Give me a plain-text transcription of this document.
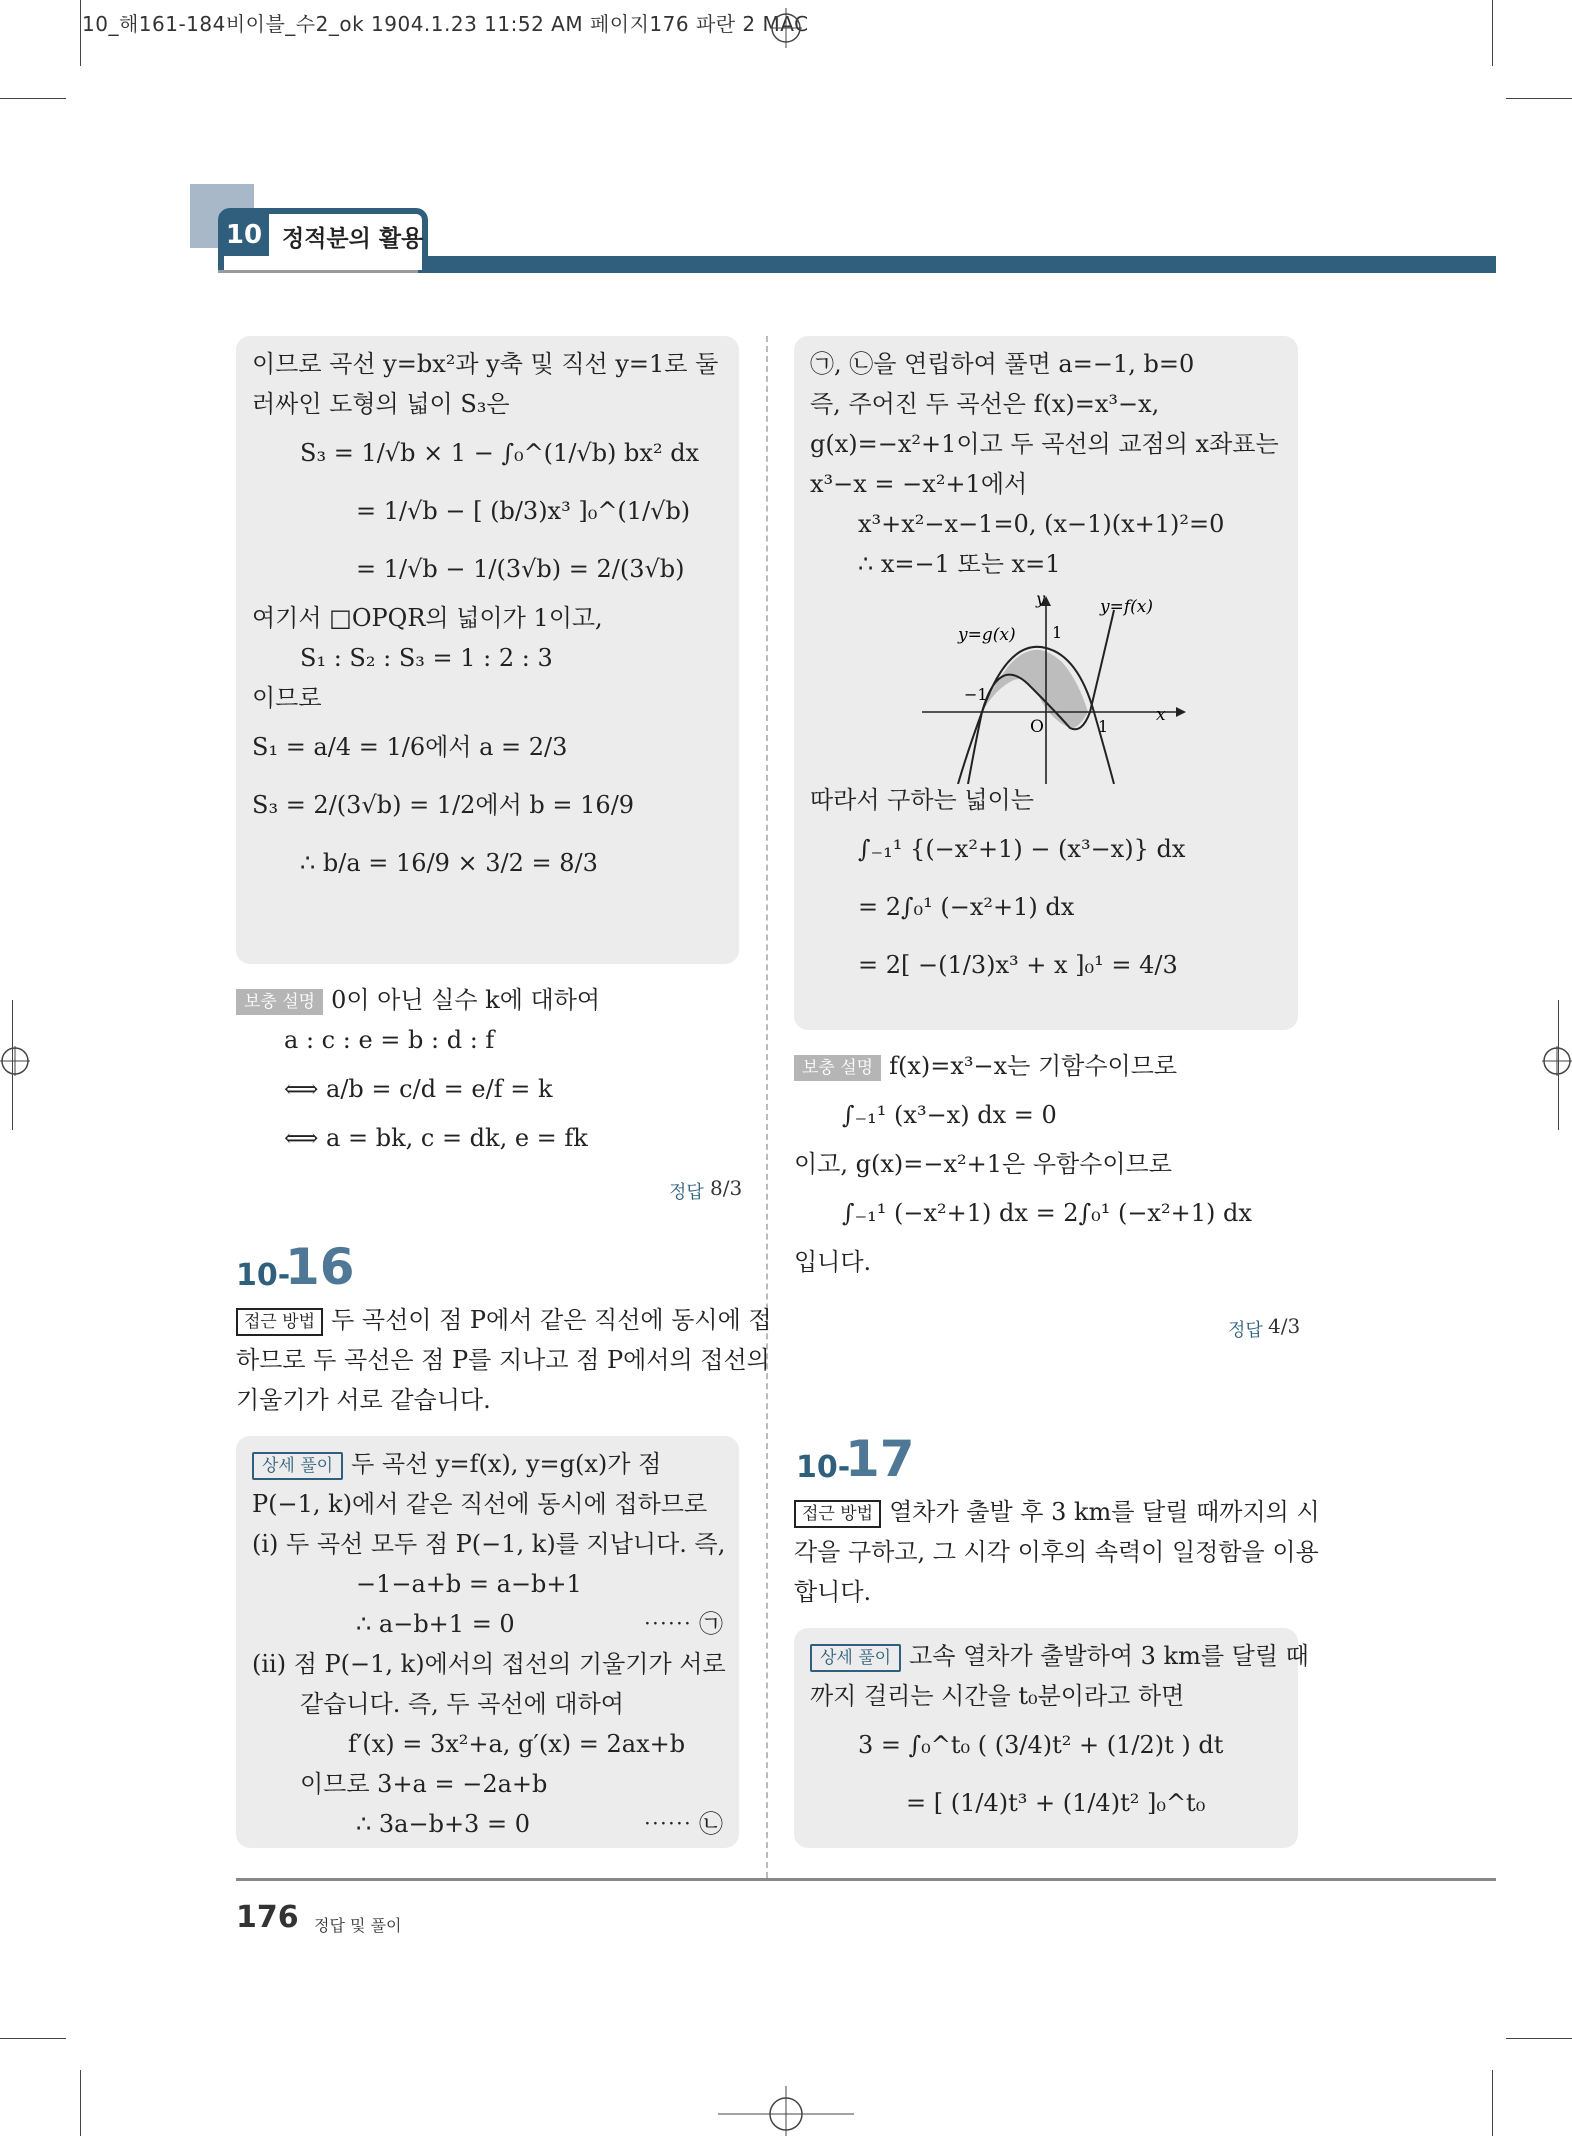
10_해161-184비이블_수2_ok 1904.1.23 11:52 AM 페이지176 파란 2 MAC
10 정적분의 활용
이므로 곡선 y=bx²과 y축 및 직선 y=1로 둘
러싸인 도형의 넓이 S₃은
S₃ = 1/√b × 1 − ∫₀^(1/√b) bx² dx
= 1/√b − [ (b/3)x³ ]₀^(1/√b)
= 1/√b − 1/(3√b) = 2/(3√b)
여기서 □OPQR의 넓이가 1이고,
S₁ : S₂ : S₃ = 1 : 2 : 3
이므로
S₁ = a/4 = 1/6에서 a = 2/3
S₃ = 2/(3√b) = 1/2에서 b = 16/9
∴ b/a = 16/9 × 3/2 = 8/3
보충 설명 0이 아닌 실수 k에 대하여
a : c : e = b : d : f
⟺ a/b = c/d = e/f = k
⟺ a = bk, c = dk, e = fk
정답 8/3
10-
16
접근 방법 두 곡선이 점 P에서 같은 직선에 동시에 접
하므로 두 곡선은 점 P를 지나고 점 P에서의 접선의
기울기가 서로 같습니다.
상세 풀이 두 곡선 y=f(x), y=g(x)가 점
P(−1, k)에서 같은 직선에 동시에 접하므로
(i) 두 곡선 모두 점 P(−1, k)를 지납니다. 즉,
−1−a+b = a−b+1
∴ a−b+1 = 0	⋯⋯ ㉠
(ii) 점 P(−1, k)에서의 접선의 기울기가 서로
같습니다. 즉, 두 곡선에 대하여
f′(x) = 3x²+a, g′(x) = 2ax+b
이므로 3+a = −2a+b
∴ 3a−b+3 = 0	⋯⋯ ㉡
㉠, ㉡을 연립하여 풀면 a=−1, b=0
즉, 주어진 두 곡선은 f(x)=x³−x,
g(x)=−x²+1이고 두 곡선의 교점의 x좌표는
x³−x = −x²+1에서
x³+x²−x−1=0, (x−1)(x+1)²=0
∴ x=−1 또는 x=1
따라서 구하는 넓이는
∫₋₁¹ {(−x²+1) − (x³−x)} dx
= 2∫₀¹ (−x²+1) dx
= 2[ −(1/3)x³ + x ]₀¹ = 4/3
y
x
y=f(x)
y=g(x)
O
1
−1
1
보충 설명 f(x)=x³−x는 기함수이므로
∫₋₁¹ (x³−x) dx = 0
이고, g(x)=−x²+1은 우함수이므로
∫₋₁¹ (−x²+1) dx = 2∫₀¹ (−x²+1) dx
입니다.
정답 4/3
10-
17
접근 방법 열차가 출발 후 3 km를 달릴 때까지의 시
각을 구하고, 그 시각 이후의 속력이 일정함을 이용
합니다.
상세 풀이 고속 열차가 출발하여 3 km를 달릴 때
까지 걸리는 시간을 t₀분이라고 하면
3 = ∫₀^t₀ ( (3/4)t² + (1/2)t ) dt
= [ (1/4)t³ + (1/4)t² ]₀^t₀
176 정답 및 풀이
